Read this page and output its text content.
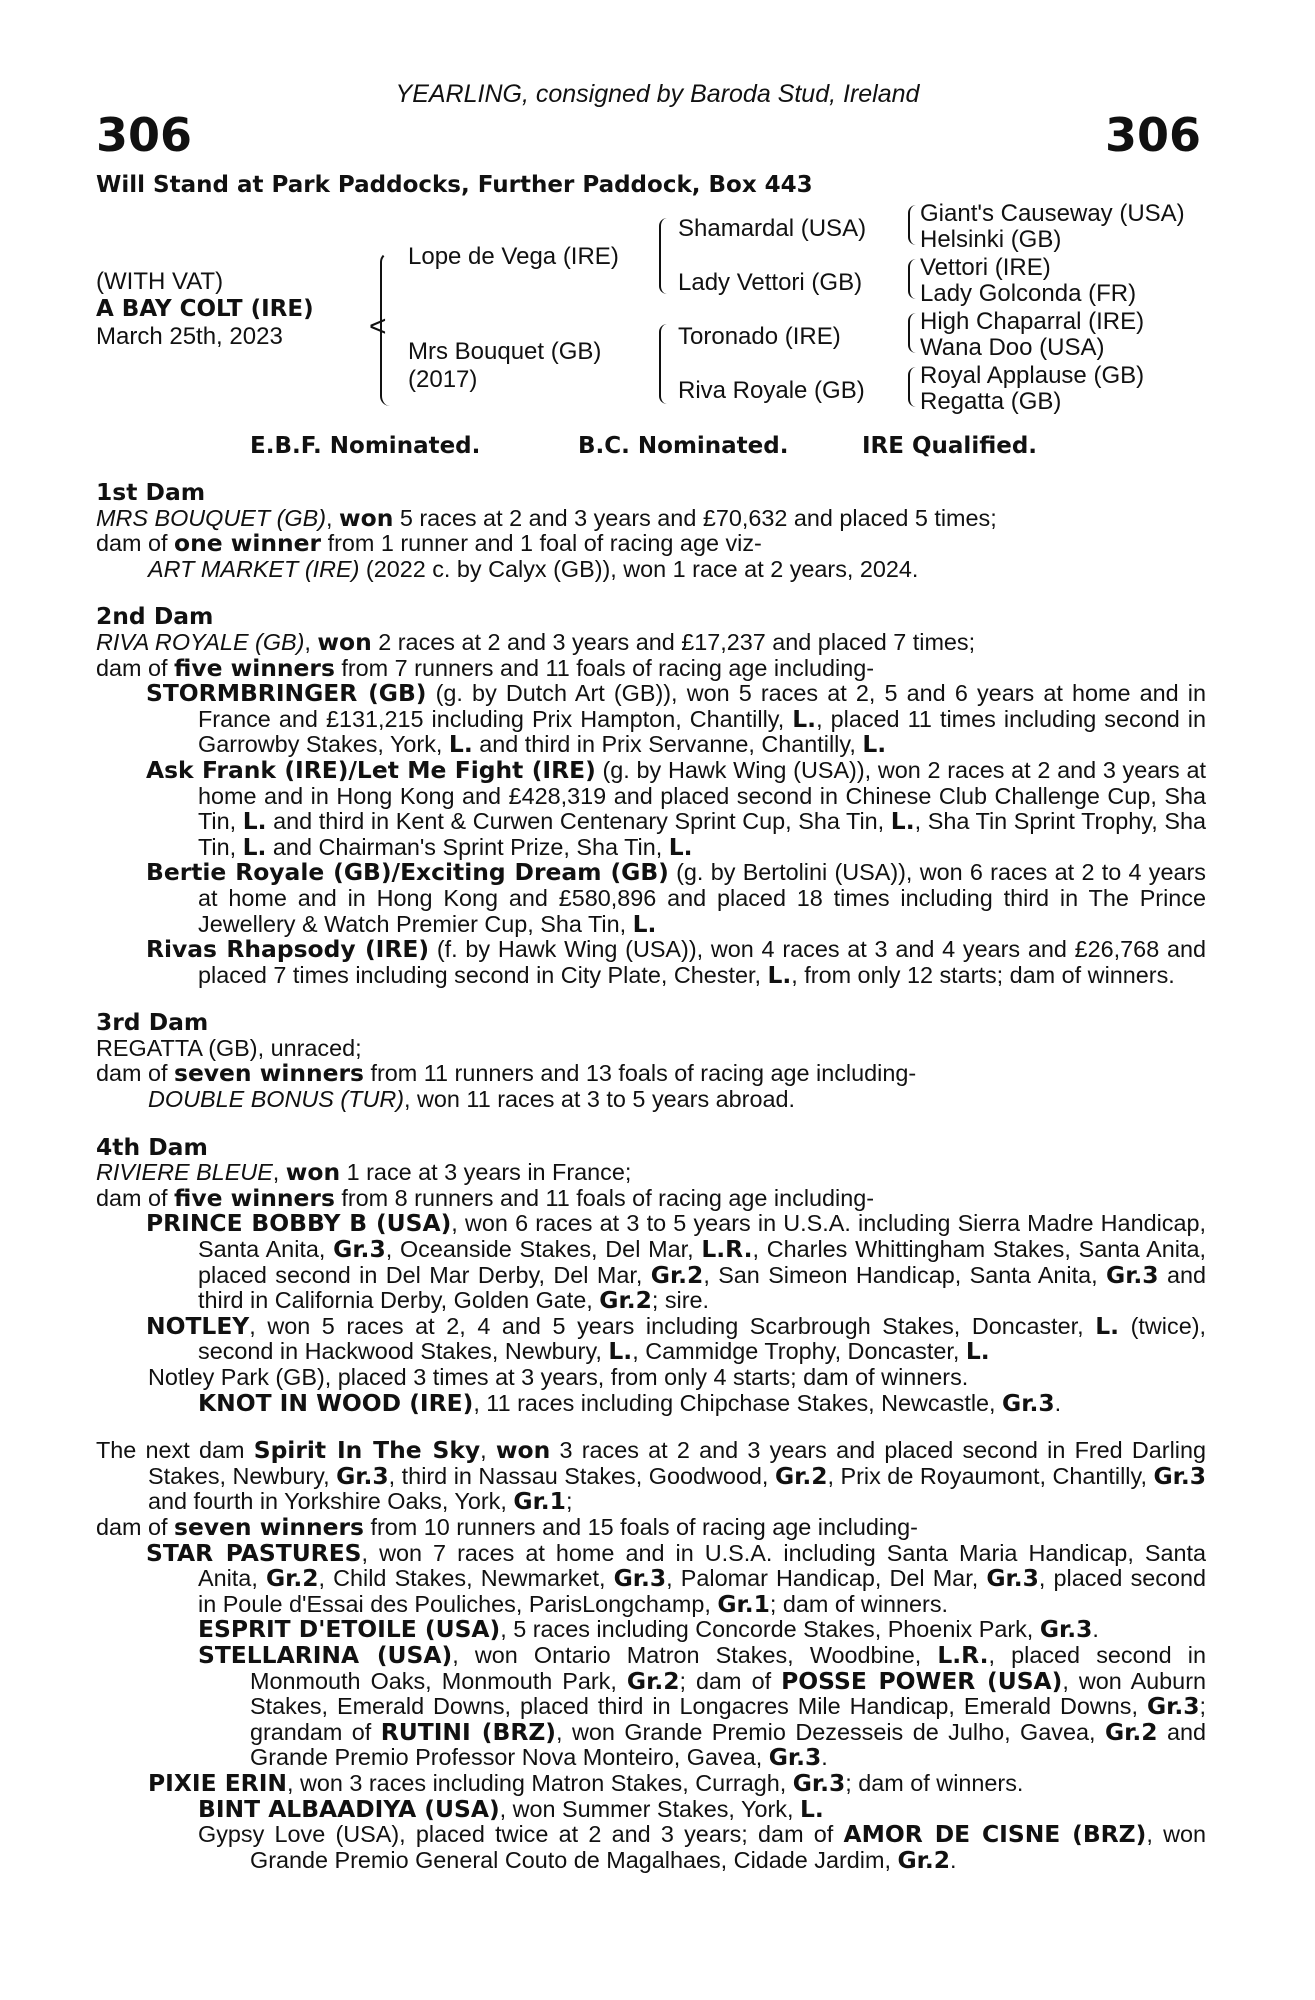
YEARLING, consigned by Baroda Stud, Ireland
306	306
Will Stand at Park Paddocks, Further Paddock, Box 443
(WITH VAT)
A BAY COLT (IRE)
March 25th, 2023	<
Lope de Vega (IRE)
Mrs Bouquet (GB)
(2017)
Shamardal (USA)
Lady Vettori (GB)
Toronado (IRE)
Riva Royale (GB)
Giant's Causeway (USA)
Helsinki (GB)
Vettori (IRE)
Lady Golconda (FR)
High Chaparral (IRE)
Wana Doo (USA)
Royal Applause (GB)
Regatta (GB)
E.B.F. Nominated.	B.C. Nominated.	IRE Qualified.

1st Dam

MRS BOUQUET (GB), won 5 races at 2 and 3 years and £70,632 and placed 5 times;

dam of one winner from 1 runner and 1 foal of racing age viz-

ART MARKET (IRE) (2022 c. by Calyx (GB)), won 1 race at 2 years, 2024.

2nd Dam

RIVA ROYALE (GB), won 2 races at 2 and 3 years and £17,237 and placed 7 times;

dam of five winners from 7 runners and 11 foals of racing age including-

STORMBRINGER (GB) (g. by Dutch Art (GB)), won 5 races at 2, 5 and 6 years at home and in France and £131,215 including Prix Hampton, Chantilly, L., placed 11 times including second in Garrowby Stakes, York, L. and third in Prix Servanne, Chantilly, L.

Ask Frank (IRE)/Let Me Fight (IRE) (g. by Hawk Wing (USA)), won 2 races at 2 and 3 years at home and in Hong Kong and £428,319 and placed second in Chinese Club Challenge Cup, Sha Tin, L. and third in Kent & Curwen Centenary Sprint Cup, Sha Tin, L., Sha Tin Sprint Trophy, Sha Tin, L. and Chairman's Sprint Prize, Sha Tin, L.

Bertie Royale (GB)/Exciting Dream (GB) (g. by Bertolini (USA)), won 6 races at 2 to 4 years at home and in Hong Kong and £580,896 and placed 18 times including third in The Prince Jewellery & Watch Premier Cup, Sha Tin, L.

Rivas Rhapsody (IRE) (f. by Hawk Wing (USA)), won 4 races at 3 and 4 years and £26,768 and placed 7 times including second in City Plate, Chester, L., from only 12 starts; dam of winners.

3rd Dam

REGATTA (GB), unraced;

dam of seven winners from 11 runners and 13 foals of racing age including-

DOUBLE BONUS (TUR), won 11 races at 3 to 5 years abroad.

4th Dam

RIVIERE BLEUE, won 1 race at 3 years in France;

dam of five winners from 8 runners and 11 foals of racing age including-

PRINCE BOBBY B (USA), won 6 races at 3 to 5 years in U.S.A. including Sierra Madre Handicap, Santa Anita, Gr.3, Oceanside Stakes, Del Mar, L.R., Charles Whittingham Stakes, Santa Anita, placed second in Del Mar Derby, Del Mar, Gr.2, San Simeon Handicap, Santa Anita, Gr.3 and third in California Derby, Golden Gate, Gr.2; sire.

NOTLEY, won 5 races at 2, 4 and 5 years including Scarbrough Stakes, Doncaster, L. (twice), second in Hackwood Stakes, Newbury, L., Cammidge Trophy, Doncaster, L.

Notley Park (GB), placed 3 times at 3 years, from only 4 starts; dam of winners.

KNOT IN WOOD (IRE), 11 races including Chipchase Stakes, Newcastle, Gr.3.

The next dam Spirit In The Sky, won 3 races at 2 and 3 years and placed second in Fred Darling Stakes, Newbury, Gr.3, third in Nassau Stakes, Goodwood, Gr.2, Prix de Royaumont, Chantilly, Gr.3 and fourth in Yorkshire Oaks, York, Gr.1;

dam of seven winners from 10 runners and 15 foals of racing age including-

STAR PASTURES, won 7 races at home and in U.S.A. including Santa Maria Handicap, Santa Anita, Gr.2, Child Stakes, Newmarket, Gr.3, Palomar Handicap, Del Mar, Gr.3, placed second in Poule d'Essai des Pouliches, ParisLongchamp, Gr.1; dam of winners.

ESPRIT D'ETOILE (USA), 5 races including Concorde Stakes, Phoenix Park, Gr.3.

STELLARINA (USA), won Ontario Matron Stakes, Woodbine, L.R., placed second in Monmouth Oaks, Monmouth Park, Gr.2; dam of POSSE POWER (USA), won Auburn Stakes, Emerald Downs, placed third in Longacres Mile Handicap, Emerald Downs, Gr.3; grandam of RUTINI (BRZ), won Grande Premio Dezesseis de Julho, Gavea, Gr.2 and Grande Premio Professor Nova Monteiro, Gavea, Gr.3.

PIXIE ERIN, won 3 races including Matron Stakes, Curragh, Gr.3; dam of winners.

BINT ALBAADIYA (USA), won Summer Stakes, York, L.

Gypsy Love (USA), placed twice at 2 and 3 years; dam of AMOR DE CISNE (BRZ), won Grande Premio General Couto de Magalhaes, Cidade Jardim, Gr.2.
